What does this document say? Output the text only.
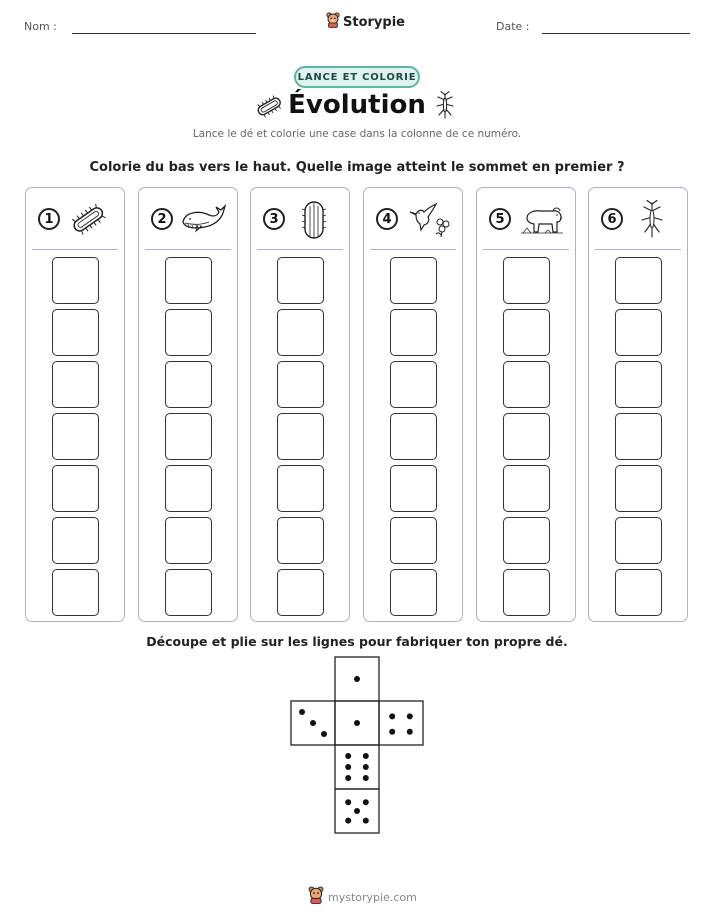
Nom :	Date :
Storypie
LANCE ET COLORIE
Évolution
Lance le dé et colorie une case dans la colonne de ce numéro.
Colorie du bas vers le haut. Quelle image atteint le sommet en premier ?
1	2	3	4	5	6
Découpe et plie sur les lignes pour fabriquer ton propre dé.
mystorypie.com
